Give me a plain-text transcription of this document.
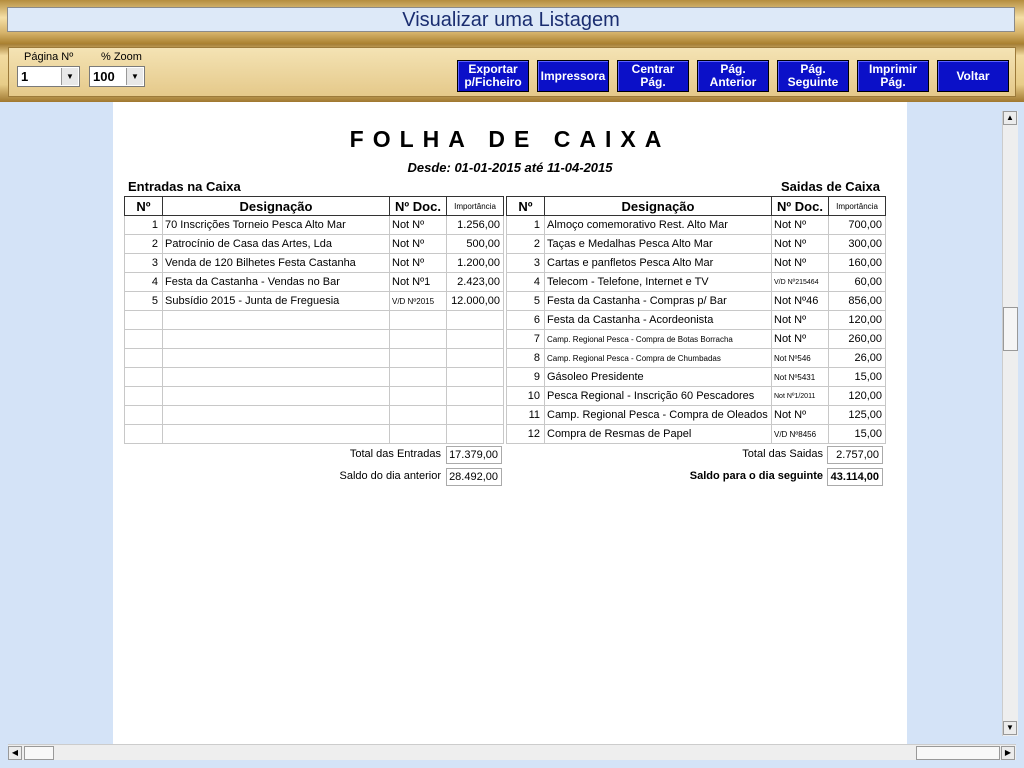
Visualizar uma Listagem
Página Nº
1	▼
% Zoom
100	▼
Exportar p/Ficheiro	Impressora	Centrar Pág.
Pág. Anterior
Pág. Seguinte
Imprimir Pág.	Voltar
FOLHA DE CAIXA
Desde: 01-01-2015 até 11-04-2015
Entradas na Caixa	Saidas de Caixa
Nº	Designação	Nº Doc.	Importância
1	70 Inscrições Torneio Pesca Alto Mar	Not Nº	1.256,00
2	Patrocínio de Casa das Artes, Lda	Not Nº	500,00
3	Venda de 120 Bilhetes Festa Castanha	Not Nº	1.200,00
4	Festa da Castanha - Vendas no Bar	Not Nº1	2.423,00
5	Subsídio 2015 - Junta de Freguesia	V/D Nº2015	12.000,00

Nº	Designação	Nº Doc.	Importância
1	Almoço comemorativo Rest. Alto Mar	Not Nº	700,00
2	Taças e Medalhas Pesca Alto Mar	Not Nº	300,00
3	Cartas e panfletos Pesca Alto Mar	Not Nº	160,00
4	Telecom - Telefone, Internet e TV	V/D Nº215464	60,00
5	Festa da Castanha - Compras p/ Bar	Not Nº46	856,00
6	Festa da Castanha - Acordeonista	Not Nº	120,00
7	Camp. Regional Pesca - Compra de Botas Borracha	Not Nº	260,00
8	Camp. Regional Pesca - Compra de Chumbadas	Not Nº546	26,00
9	Gásoleo Presidente	Not Nº5431	15,00
10	Pesca Regional - Inscrição 60 Pescadores	Not Nº1/2011	120,00
11	Camp. Regional Pesca - Compra de Oleados	Not Nº	125,00
12	Compra de Resmas de Papel	V/D Nº8456	15,00
Total das Entradas 17.379,00
Saldo do dia anterior 28.492,00
Total das Saidas	2.757,00
Saldo para o dia seguinte 43.114,00
▲
▼
◀	▶
